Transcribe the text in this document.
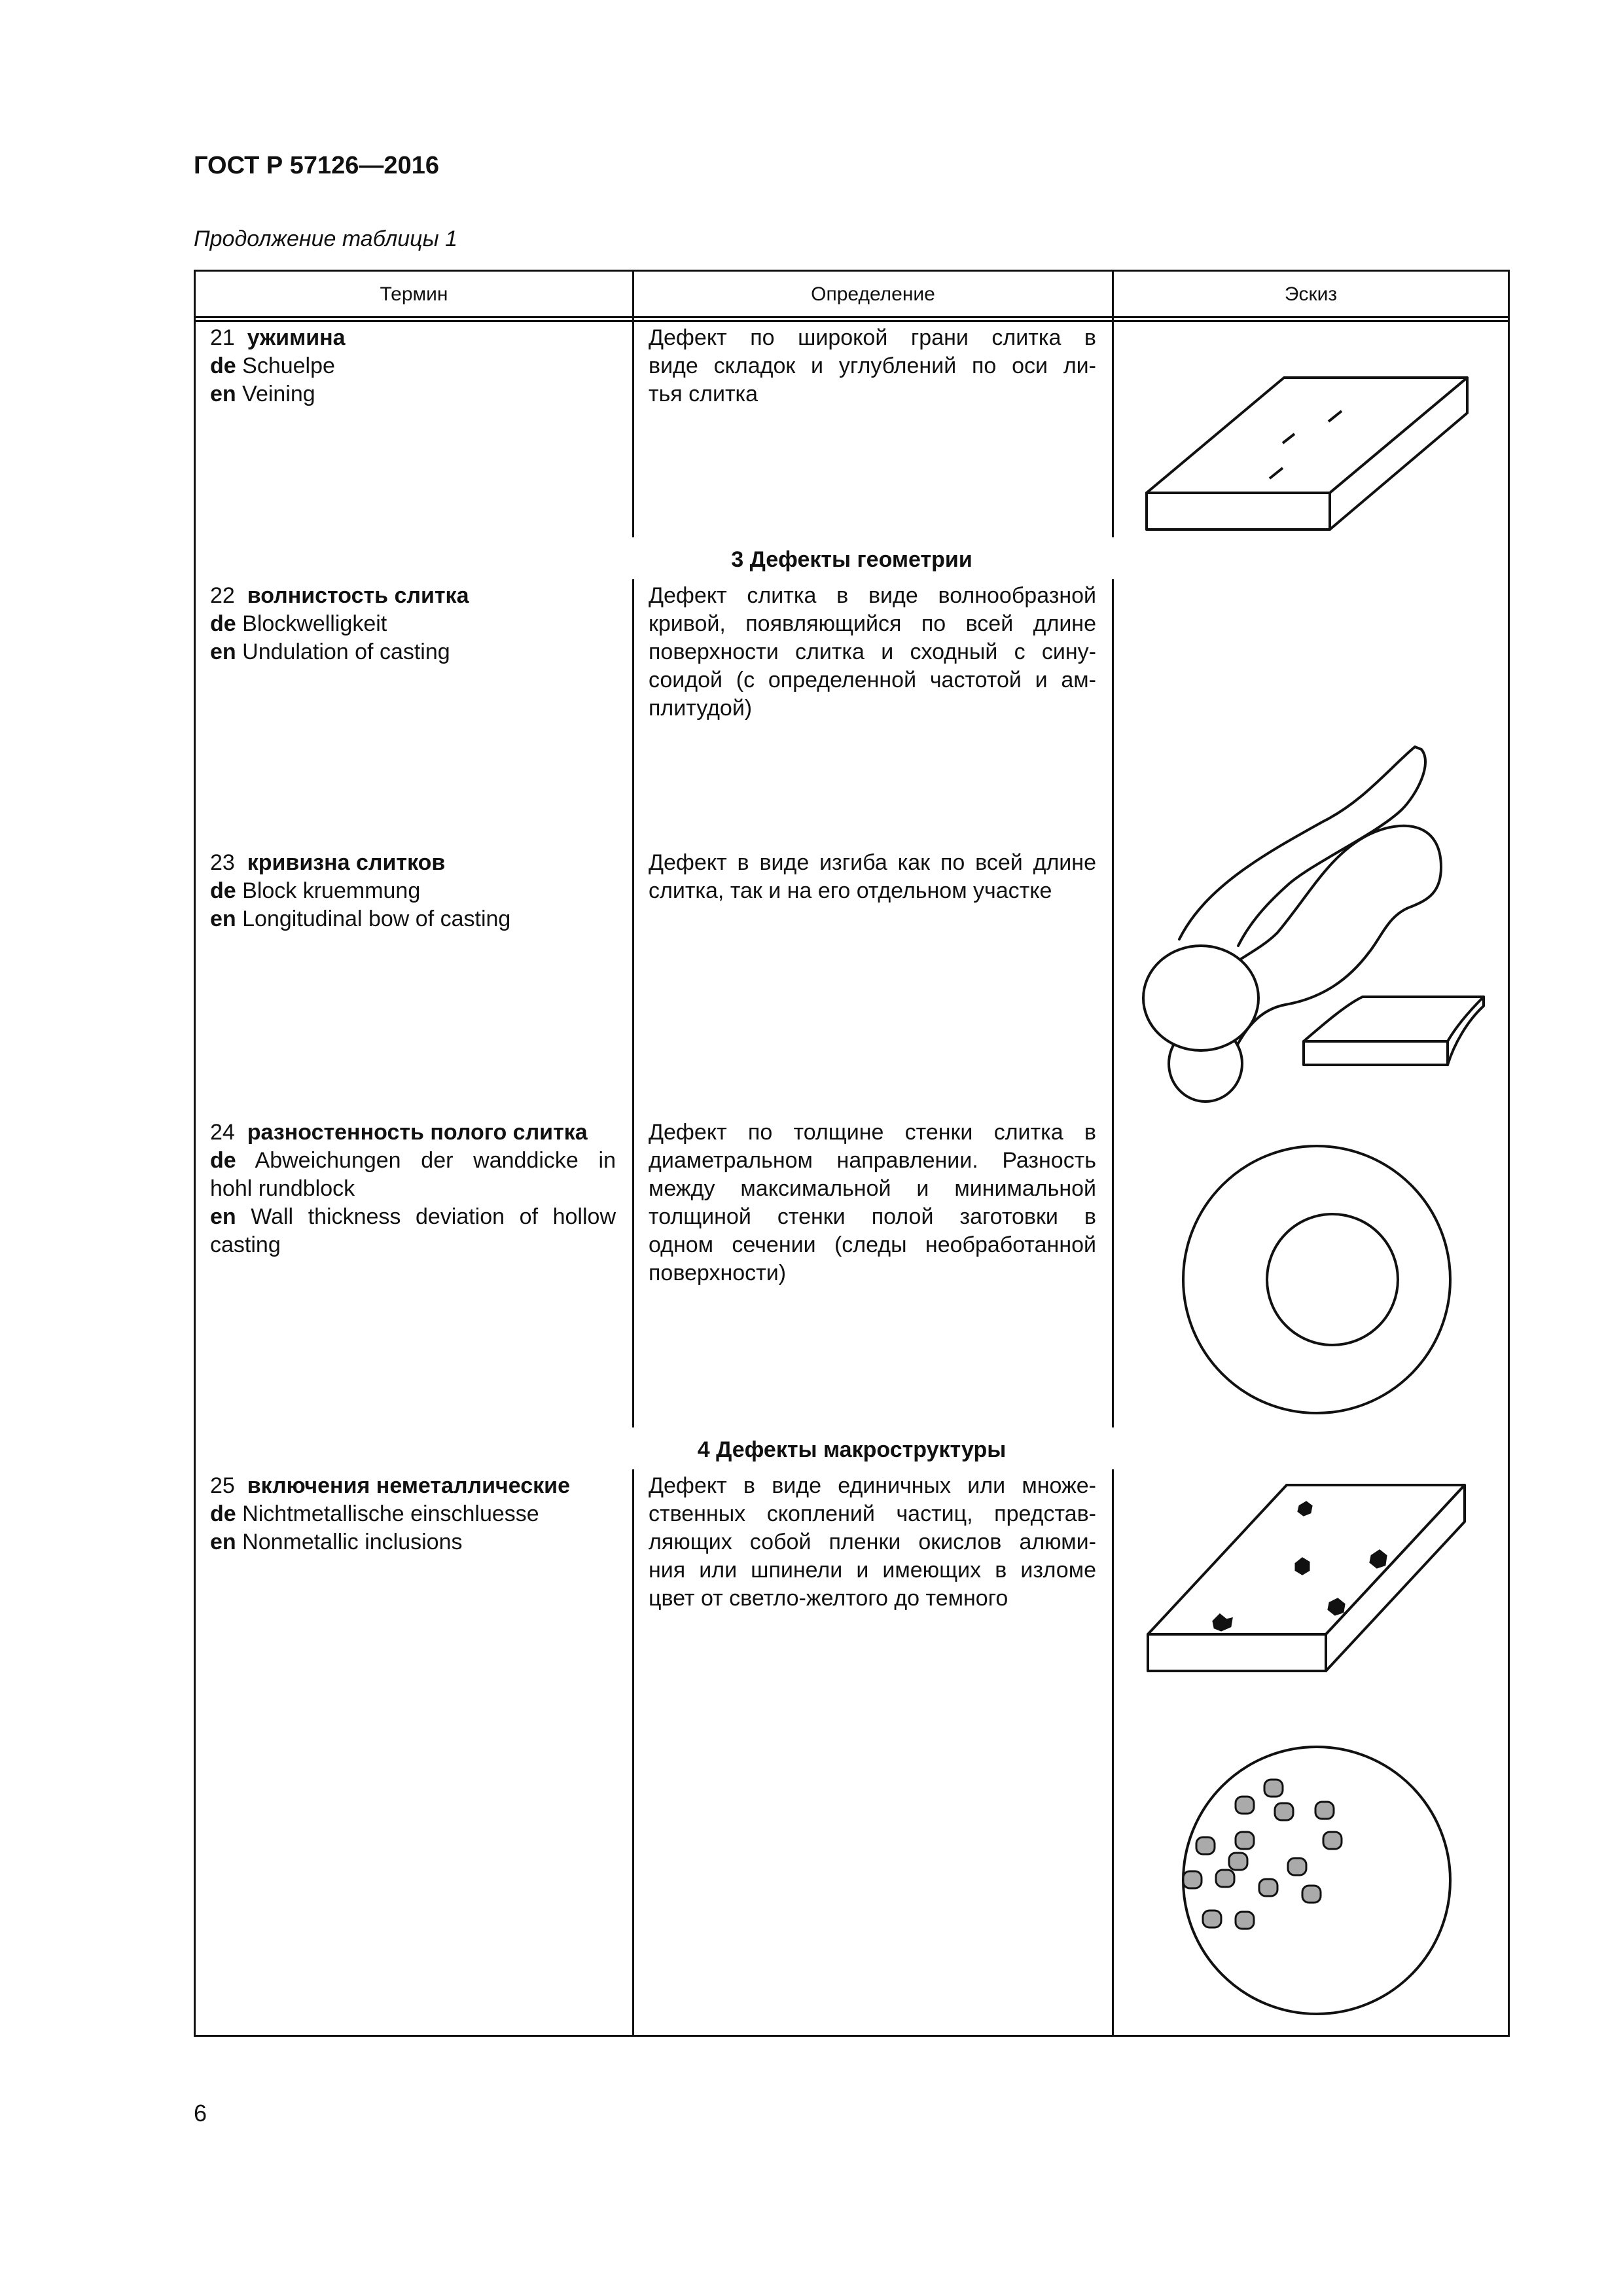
ГОСТ Р 57126—2016
Продолжение таблицы 1
Термин	Определение	Эскиз
21 ужимина
de Schuelpe
en Veining
Дефект по широкой грани слитка в
виде складок и углублений по оси ли-
тья слитка
3 Дефекты геометрии
22 волнистость слитка
de Blockwelligkeit
en Undulation of casting
Дефект слитка в виде волнообразной
кривой, появляющийся по всей длине
поверхности слитка и сходный с сину-
соидой (с определенной частотой и ам-
плитудой)
23 кривизна слитков
de Block kruemmung
en Longitudinal bow of casting
Дефект в виде изгиба как по всей длине
слитка, так и на его отдельном участке
24 разностенность полого слитка
de Abweichungen der wanddicke in
hohl rundblock
en Wall thickness deviation of hollow
casting
Дефект по толщине стенки слитка в
диаметральном направлении. Разность
между максимальной и минимальной
толщиной стенки полой заготовки в
одном сечении (следы необработанной
поверхности)
4 Дефекты макроструктуры
25 включения неметаллические
de Nichtmetallische einschluesse
en Nonmetallic inclusions
Дефект в виде единичных или множе-
ственных скоплений частиц, представ-
ляющих собой пленки окислов алюми-
ния или шпинели и имеющих в изломе
цвет от светло-желтого до темного
6
